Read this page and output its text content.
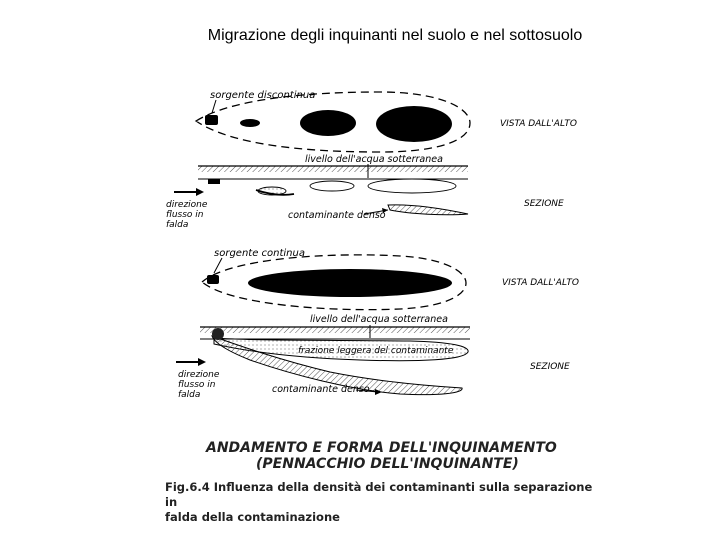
Migrazione degli inquinanti nel suolo e nel sottosuolo
sorgente discontinua
VISTA DALL'ALTO
livello dell'acqua sotterranea
contaminante denso
direzione
flusso in
falda
SEZIONE
sorgente continua
VISTA DALL'ALTO
livello dell'acqua sotterranea
frazione leggera del contaminante
contaminante denso
direzione
flusso in
falda
SEZIONE
ANDAMENTO E FORMA DELL'INQUINAMENTO
(PENNACCHIO DELL'INQUINANTE)
Fig.6.4 Influenza della densità dei contaminanti sulla separazione in
falda della contaminazione
